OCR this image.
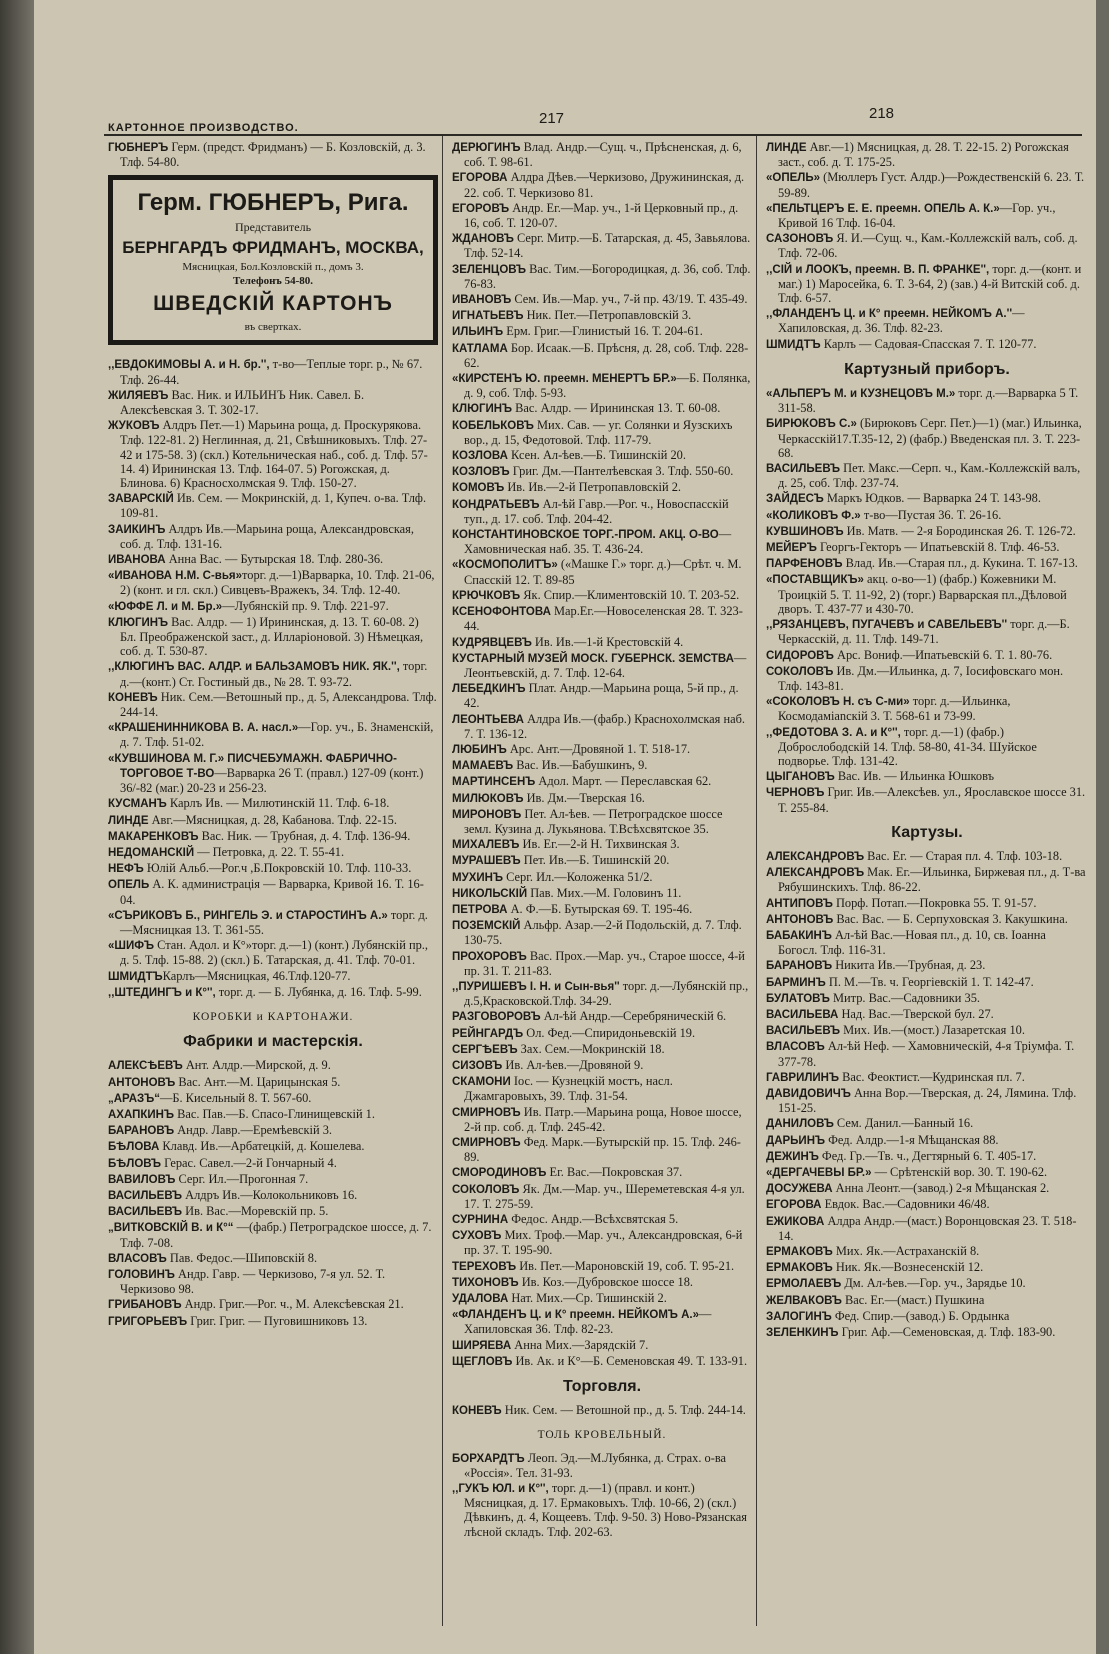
КАРТОННОЕ ПРОИЗВОДСТВО.
217	218
ГЮБНЕРЪ Герм. (предст. Фридманъ) — Б. Козловскій, д. 3. Тлф. 54-80.
Герм. ГЮБНЕРЪ, Рига.
Представитель
БЕРНГАРДЪ ФРИДМАНЪ, МОСКВА,
Мясницкая, Бол.Козловскій п., домъ 3.
Телефонъ 54-80.
ШВЕДСКІЙ КАРТОНЪ
въ свертках.
,,ЕВДОКИМОВЫ А. и Н. бр.'', т-во—Теплые торг. р., № 67. Тлф. 26-44.
ЖИЛЯЕВЪ Вас. Ник. и ИЛЬИНЪ Ник. Савел. Б. Алексѣевская 3. Т. 302-17.
ЖУКОВЪ Алдръ Пет.—1) Марьина роща, д. Проскуряковa. Тлф. 122-81. 2) Неглинная, д. 21, Свѣшниковыхъ. Тлф. 27-42 и 175-58. 3) (скл.) Котельническая наб., соб. д. Тлф. 57-14. 4) Ирининская 13. Тлф. 164-07. 5) Рогожская, д. Блинова. 6) Красносхолмская 9. Тлф. 150-27.
ЗАВАРСКІЙ Ив. Сем. — Мокринскій, д. 1, Купеч. о-ва. Тлф. 109-81.
ЗАИКИНЪ Алдръ Ив.—Марьина роща, Александровская, соб. д. Тлф. 131-16.
ИВАНОВА Анна Вас. — Бутырская 18. Тлф. 280-36.
«ИВАНОВА Н.М. С-вья»торг. д.—1)Варварка, 10. Тлф. 21-06, 2) (конт. и гл. скл.) Сивцевъ-Вражекъ, 34. Тлф. 12-40.
«ЮФФЕ Л. и М. Бр.»—Лубянскій пр. 9. Тлф. 221-97.
КЛЮГИНЪ Вас. Алдр. — 1) Ирининская, д. 13. Т. 60-08. 2) Бл. Преображенской заст., д. Илларіоновой. 3) Нѣмецкая, соб. д. Т. 530-87.
,,КЛЮГИНЪ ВАС. АЛДР. и БАЛЬЗАМОВЪ НИК. ЯК.'', торг. д.—(конт.) Ст. Гостиный дв., № 28. Т. 93-72.
КОНЕВЪ Ник. Сем.—Ветошный пр., д. 5, Александрова. Тлф. 244-14.
«КРАШЕНИННИКОВА В. А. насл.»—Гор. уч., Б. Знаменскій, д. 7. Тлф. 51-02.
«КУВШИНОВА М. Г.» ПИСЧЕБУМАЖН. ФАБРИЧНО-ТОРГОВОЕ Т-ВО—Варварка 26 Т. (правл.) 127-09 (конт.) 36/-82 (маг.) 20-23 и 256-23.
КУСМАНЪ Карлъ Ив. — Милютинскій 11. Тлф. 6-18.
ЛИНДЕ Авг.—Мясницкая, д. 28, Кабанова. Тлф. 22-15.
МАКАРЕНКОВЪ Вас. Ник. — Трубная, д. 4. Тлф. 136-94.
НЕДОМАНСКІЙ — Петровка, д. 22. Т. 55-41.
НЕФЪ Юлій Альб.—Рог.ч ,Б.Покровскій 10. Тлф. 110-33.
ОПЕЛЬ А. К. администрація — Варварка, Кривой 16. Т. 16-04.
«СЪРИКОВЪ Б., РИНГЕЛЬ Э. и СТАРОСТИНЪ А.» торг. д.—Мясницкая 13. Т. 361-55.
«ШИФЪ Стан. Адол. и К°»торг. д.—1) (конт.) Лубянскій пр., д. 5. Тлф. 15-88. 2) (скл.) Б. Татарская, д. 41. Тлф. 70-01.
ШМИДТЪКарлъ—Мясницкая, 46.Тлф.120-77.
,,ШТЕДИНГЪ и К°'', торг. д. — Б. Лубянка, д. 16. Тлф. 5-99.
КОРОБКИ и КАРТОНАЖИ.
Фабрики и мастерскія.
АЛЕКСѢЕВЪ Ант. Алдр.—Мирской, д. 9.
АНТОНОВЪ Вас. Ант.—М. Царицынская 5.
„АРАЗЪ“—Б. Кисельный 8. Т. 567-60.
АХАПКИНЪ Вас. Пав.—Б. Спасо-Глинищевскій 1.
БАРАНОВЪ Андр. Лавр.—Еремѣевскій 3.
БѢЛОВА Клавд. Ив.—Арбатецкій, д. Кошелева.
БѢЛОВЪ Герас. Савел.—2-й Гончарный 4.
ВАВИЛОВЪ Серг. Ил.—Прогонная 7.
ВАСИЛЬЕВЪ Алдръ Ив.—Колокольниковъ 16.
ВАСИЛЬЕВЪ Ив. Вас.—Моревскій пр. 5.
„ВИТКОВСКІЙ В. и К°“ —(фабр.) Петроградское шоссе, д. 7. Тлф. 7-08.
ВЛАСОВЪ Пав. Федос.—Шиповскій 8.
ГОЛОВИНЪ Андр. Гавр. — Черкизово, 7-я ул. 52. Т. Черкизово 98.
ГРИБАНОВЪ Андр. Григ.—Рог. ч., М. Алексѣевская 21.
ГРИГОРЬЕВЪ Григ. Григ. — Пуговишниковъ 13.
ДЕРЮГИНЪ Влад. Андр.—Сущ. ч., Прѣсненская, д. 6, соб. Т. 98-61.
ЕГОРОВА Алдра Дѣев.—Черкизово, Дружининская, д. 22. соб. Т. Черкизово 81.
ЕГОРОВЪ Андр. Ег.—Мар. уч., 1-й Церковный пр., д. 16, соб. Т. 120-07.
ЖДАНОВЪ Серг. Митр.—Б. Татарская, д. 45, Завьялова. Тлф. 52-14.
ЗЕЛЕНЦОВЪ Вас. Тим.—Богородицкая, д. 36, соб. Тлф. 76-83.
ИВАНОВЪ Сем. Ив.—Мар. уч., 7-й пр. 43/19. Т. 435-49.
ИГНАТЬЕВЪ Ник. Пет.—Петропавловскій 3.
ИЛЬИНЪ Ерм. Григ.—Глинистый 16. Т. 204-61.
КАТЛАМА Бор. Исаак.—Б. Прѣсня, д. 28, соб. Тлф. 228-62.
«КИРСТЕНЪ Ю. преемн. МЕНЕРТЪ БР.»—Б. Полянка, д. 9, соб. Тлф. 5-93.
КЛЮГИНЪ Вас. Алдр. — Ирининская 13. Т. 60-08.
КОБЕЛЬКОВЪ Мих. Сав. — уг. Солянки и Яузскихъ вор., д. 15, Федотовой. Тлф. 117-79.
КОЗЛОВА Ксен. Ал-ѣев.—Б. Тишинскій 20.
КОЗЛОВЪ Григ. Дм.—Пантелѣевская 3. Тлф. 550-60.
КОМОВЪ Ив. Ив.—2-й Петропавловскій 2.
КОНДРАТЬЕВЪ Ал-ѣй Гавр.—Рог. ч., Новоспасскій туп., д. 17. соб. Тлф. 204-42.
КОНСТАНТИНОВСКОЕ ТОРГ.-ПРОМ. АКЦ. О-ВО—Хамовническая наб. 35. Т. 436-24.
«КОСМОПОЛИТЪ» («Машке Г.» торг. д.)—Срѣт. ч. М. Спасскій 12. Т. 89-85
КРЮЧКОВЪ Як. Спир.—Климентовскій 10. Т. 203-52.
КСЕНОФОНТОВА Мар.Ег.—Новоселенская 28. Т. 323-44.
КУДРЯВЦЕВЪ Ив. Ив.—1-й Крестовскій 4.
КУСТАРНЫЙ МУЗЕЙ МОСК. ГУБЕРНСК. ЗЕМСТВА—Леонтьевскій, д. 7. Тлф. 12-64.
ЛЕБЕДКИНЪ Плат. Андр.—Марьина роща, 5-й пр., д. 42.
ЛЕОНТЬЕВА Алдра Ив.—(фабр.) Краснохолмская наб. 7. Т. 136-12.
ЛЮБИНЪ Арс. Ант.—Дровяной 1. Т. 518-17.
МАМАЕВЪ Вас. Ив.—Бабушкинъ, 9.
МАРТИНСЕНЪ Адол. Март. — Переславская 62.
МИЛЮКОВЪ Ив. Дм.—Тверская 16.
МИРОНОВЪ Пет. Ал-ѣев. — Петроградское шоссе земл. Кузина д. Лукьянова. Т.Всѣхсвятское 35.
МИХАЛЕВЪ Ив. Ег.—2-й Н. Тихвинская 3.
МУРАШЕВЪ Пет. Ив.—Б. Тишинскій 20.
МУХИНЪ Серг. Ил.—Коложенка 51/2.
НИКОЛЬСКІЙ Пав. Мих.—М. Головинъ 11.
ПЕТРОВА А. Ф.—Б. Бутырская 69. Т. 195-46.
ПОЗЕМСКІЙ Альфр. Азар.—2-й Подольскій, д. 7. Тлф. 130-75.
ПРОХОРОВЪ Вас. Прох.—Мар. уч., Старое шоссе, 4-й пр. 31. Т. 211-83.
,,ПУРИШЕВЪ І. Н. и Сын-вья'' торг. д.—Лубянскій пр., д.5,Красковской.Тлф. 34-29.
РАЗГОВОРОВЪ Ал-ѣй Андр.—Серебряническій 6.
РЕЙНГАРДЪ Ол. Фед.—Спиридоньевскій 19.
СЕРГѢЕВЪ Зах. Сем.—Мокринскій 18.
СИЗОВЪ Ив. Ал-ѣев.—Дровяной 9.
СКАМОНИ Іос. — Кузнецкій мостъ, насл. Джамгаровыхъ, 39. Тлф. 31-54.
СМИРНОВЪ Ив. Патр.—Марьина роща, Новое шоссе, 2-й пр. соб. д. Тлф. 245-42.
СМИРНОВЪ Фед. Марк.—Бутырскій пр. 15. Тлф. 246-89.
СМОРОДИНОВЪ Ег. Вас.—Покровская 37.
СОКОЛОВЪ Як. Дм.—Мар. уч., Шереметевская 4-я ул. 17. Т. 275-59.
СУРНИНА Федос. Андр.—Всѣхсвятская 5.
СУХОВЪ Мих. Троф.—Мар. уч., Александровская, 6-й пр. 37. Т. 195-90.
ТЕРЕХОВЪ Ив. Пет.—Мароновскій 19, соб. Т. 95-21.
ТИХОНОВЪ Ив. Коз.—Дубровское шоссе 18.
УДАЛОВА Нат. Мих.—Ср. Тишинскій 2.
«ФЛАНДЕНЪ Ц. и К° преемн. НЕЙКОМЪ А.»—Хапиловская 36. Тлф. 82-23.
ШИРЯЕВА Анна Мих.—Зарядскій 7.
ЩЕГЛОВЪ Ив. Ак. и К°—Б. Семеновская 49. Т. 133-91.
Торговля.
КОНЕВЪ Ник. Сем. — Ветошной пр., д. 5. Тлф. 244-14.
ТОЛЬ КРОВЕЛЬНЫЙ.
БОРХАРДТЪ Леоп. Эд.—М.Лубянка, д. Страх. о-ва «Россія». Тел. 31-93.
,,ГУКЪ ЮЛ. и К°'', торг. д.—1) (правл. и конт.) Мясницкая, д. 17. Ермаковыхъ. Тлф. 10-66, 2) (скл.) Дѣвкинъ, д. 4, Кощеевъ. Тлф. 9-50. 3) Ново-Рязанская лѣсной складъ. Тлф. 202-63.
ЛИНДЕ Авг.—1) Мясницкая, д. 28. Т. 22-15. 2) Рогожская заст., соб. д. Т. 175-25.
«ОПЕЛЬ» (Мюллеръ Густ. Алдр.)—Рождественскій 6. 23. Т. 59-89.
«ПЕЛЬТЦЕРЪ Е. Е. преемн. ОПЕЛЬ А. К.»—Гор. уч., Кривой 16 Тлф. 16-04.
САЗОНОВЪ Я. И.—Сущ. ч., Кам.-Коллежскій валъ, соб. д. Тлф. 72-06.
,,СІЙ и ЛООКЪ, преемн. В. П. ФРАНКЕ'', торг. д.—(конт. и маг.) 1) Маросейка, 6. Т. 3-64, 2) (зав.) 4-й Витскій соб. д. Тлф. 6-57.
,,ФЛАНДЕНЪ Ц. и К° преемн. НЕЙКОМЪ А.''—Хапиловская, д. 36. Тлф. 82-23.
ШМИДТЪ Карлъ — Садовая-Спасская 7. Т. 120-77.
Картузный приборъ.
«АЛЬПЕРЪ М. и КУЗНЕЦОВЪ М.» торг. д.—Варварка 5 Т. 311-58.
БИРЮКОВЪ С.» (Бирюковъ Серг. Пет.)—1) (маг.) Ильинка, Черкасскій17.Т.35-12, 2) (фабр.) Введенская пл. 3. Т. 223-68.
ВАСИЛЬЕВЪ Пет. Макс.—Серп. ч., Кам.-Коллежскій валъ, д. 25, соб. Тлф. 237-74.
ЗАЙДЕСЪ Маркъ Юдков. — Варварка 24 Т. 143-98.
«КОЛИКОВЪ Ф.» т-во—Пустая 36. Т. 26-16.
КУВШИНОВЪ Ив. Матв. — 2-я Бородинская 26. Т. 126-72.
МЕЙЕРЪ Георгъ-Гекторъ — Ипатьевскій 8. Тлф. 46-53.
ПАРФЕНОВЪ Влад. Ив.—Старая пл., д. Кукина. Т. 167-13.
«ПОСТАВЩИКЪ» акц. о-во—1) (фабр.) Кожевники М. Троицкій 5. Т. 11-92, 2) (торг.) Варварская пл.,Дѣловой дворъ. Т. 437-77 и 430-70.
,,РЯЗАНЦЕВЪ, ПУГАЧЕВЪ и САВЕЛЬЕВЪ'' торг. д.—Б. Черкасскій, д. 11. Тлф. 149-71.
СИДОРОВЪ Арс. Вониф.—Ипатьевскій 6. Т. 1. 80-76.
СОКОЛОВЪ Ив. Дм.—Ильинка, д. 7, Іосифовскаго мон. Тлф. 143-81.
«СОКОЛОВЪ Н. съ С-ми» торг. д.—Ильинка, Космодамianскій 3. Т. 568-61 и 73-99.
,,ФЕДОТОВА З. А. и К°'', торг. д.—1) (фабр.) Доброслободскій 14. Тлф. 58-80, 41-34. Шуйское подворье. Тлф. 131-42.
ЦЫГАНОВЪ Вас. Ив. — Ильинка Юшковъ
ЧЕРНОВЪ Григ. Ив.—Алексѣев. ул., Ярославское шоссе 31. Т. 255-84.
Картузы.
АЛЕКСАНДРОВЪ Вас. Ег. — Старая пл. 4. Тлф. 103-18.
АЛЕКСАНДРОВЪ Мак. Ег.—Ильинка, Биржевая пл., д. Т-ва Рябушинскихъ. Тлф. 86-22.
АНТИПОВЪ Порф. Потап.—Покровка 55. Т. 91-57.
АНТОНОВЪ Вас. Вас. — Б. Серпуховская 3. Какушкина.
БАБАКИНЪ Ал-ѣй Вас.—Новая пл., д. 10, св. Іоанна Богосл. Тлф. 116-31.
БАРАНОВЪ Никита Ив.—Трубная, д. 23.
БАРМИНЪ П. М.—Тв. ч. Георгіевскій 1. Т. 142-47.
БУЛАТОВЪ Митр. Вас.—Садовники 35.
ВАСИЛЬЕВА Над. Вас.—Тверской бул. 27.
ВАСИЛЬЕВЪ Мих. Ив.—(мост.) Лазаретская 10.
ВЛАСОВЪ Ал-ѣй Неф. — Хамовническій, 4-я Тріумфа. Т. 377-78.
ГАВРИЛИНЪ Вас. Феоктист.—Кудринская пл. 7.
ДАВИДОВИЧЪ Анна Вор.—Тверская, д. 24, Лямина. Тлф. 151-25.
ДАНИЛОВЪ Сем. Данил.—Банный 16.
ДАРЬИНЪ Фед. Алдр.—1-я Мѣщанская 88.
ДЕЖИНЪ Фед. Гр.—Тв. ч., Дегтярный 6. Т. 405-17.
«ДЕРГАЧЕВЫ БР.» — Срѣтенскій вор. 30. Т. 190-62.
ДОСУЖЕВА Анна Леонт.—(завод.) 2-я Мѣщанская 2.
ЕГОРОВА Евдок. Вас.—Садовники 46/48.
ЕЖИКОВА Алдра Андр.—(маст.) Воронцовская 23. Т. 518-14.
ЕРМАКОВЪ Мих. Як.—Астраханскій 8.
ЕРМАКОВЪ Ник. Як.—Вознесенскій 12.
ЕРМОЛАЕВЪ Дм. Ал-ѣев.—Гор. уч., Зарядье 10.
ЖЕЛВАКОВЪ Вас. Ег.—(маст.) Пушкина
ЗАЛОГИНЪ Фед. Спир.—(завод.) Б. Ордынка
ЗЕЛЕНКИНЪ Григ. Аф.—Семеновская, д. Тлф. 183-90.
